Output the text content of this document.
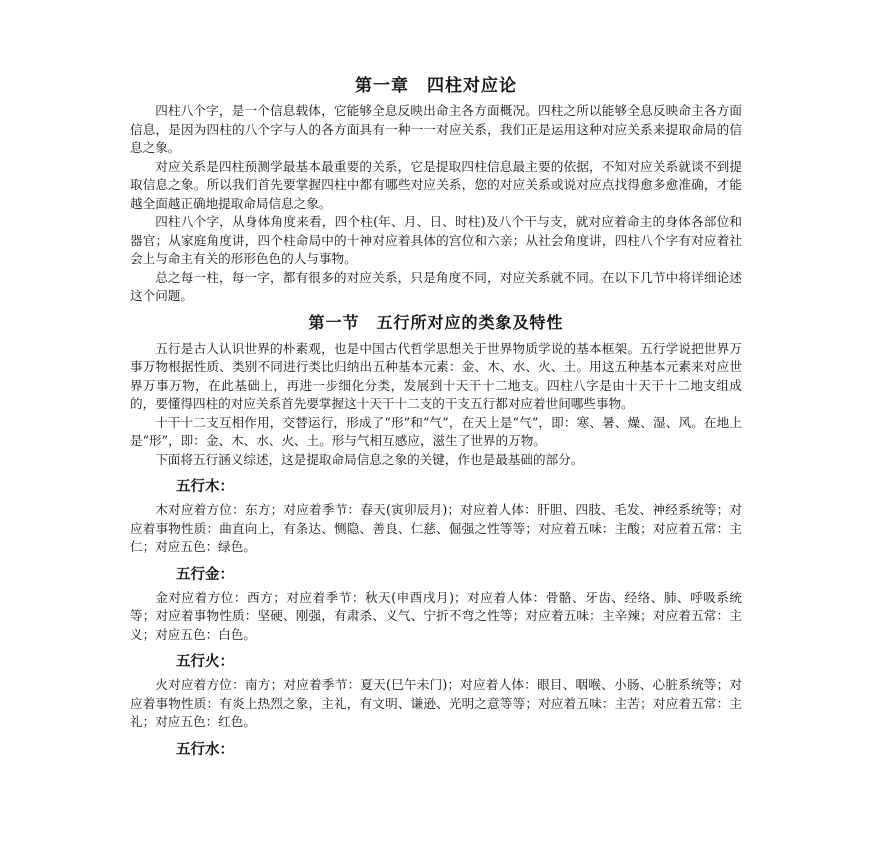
第一章　四柱对应论

四柱八个字，是一个信息载体，它能够全息反映出命主各方面概况。四柱之所以能够全息反映命主各方面信息，是因为四柱的八个字与人的各方面具有一种一一对应关系，我们正是运用这种对应关系来提取命局的信息之象。

对应关系是四柱预测学最基本最重要的关系，它是提取四柱信息最主要的依据，不知对应关系就谈不到提取信息之象。所以我们首先要掌握四柱中都有哪些对应关系，您的对应关系或说对应点找得愈多愈准确，才能越全面越正确地提取命局信息之象。

四柱八个字，从身体角度来看，四个柱(年、月、日、时柱)及八个干与支，就对应着命主的身体各部位和器官；从家庭角度讲，四个柱命局中的十神对应着具体的宫位和六亲；从社会角度讲，四柱八个字有对应着社会上与命主有关的形形色色的人与事物。

总之每一柱，每一字，都有很多的对应关系，只是角度不同，对应关系就不同。在以下几节中将详细论述这个问题。

第一节　五行所对应的类象及特性

五行是古人认识世界的朴素观，也是中国古代哲学思想关于世界物质学说的基本框架。五行学说把世界万事万物根据性质、类别不同进行类比归纳出五种基本元素：金、木、水、火、土。用这五种基本元素来对应世界万事万物，在此基础上，再进一步细化分类，发展到十天干十二地支。四柱八字是由十天干十二地支组成的，要懂得四柱的对应关系首先要掌握这十天干十二支的干支五行都对应着世间哪些事物。

十干十二支互相作用，交替运行，形成了“形”和“气”，在天上是“气”，即：寒、暑、燥、湿、风。在地上是“形”，即：金、木、水、火、土。形与气相互感应，滋生了世界的万物。

下面将五行涵义综述，这是提取命局信息之象的关键，作也是最基础的部分。

五行木：

木对应着方位：东方；对应着季节：春天(寅卯辰月)；对应着人体：肝胆、四肢、毛发、神经系统等；对应着事物性质：曲直向上，有条达、恻隐、善良、仁慈、倔强之性等等；对应着五味：主酸；对应着五常：主仁；对应五色：绿色。

五行金：

金对应着方位：西方；对应着季节：秋天(申酉戌月)；对应着人体：骨骼、牙齿、经络、肺、呼吸系统等；对应着事物性质：坚硬、刚强，有肃杀、义气、宁折不弯之性等；对应着五味：主辛辣；对应着五常：主义；对应五色：白色。

五行火：

火对应着方位：南方；对应着季节：夏天(巳午未门)；对应着人体：眼目、咽喉、小肠、心脏系统等；对应着事物性质：有炎上热烈之象，主礼，有文明、谦逊、光明之意等等；对应着五味：主苦；对应着五常：主礼；对应五色：红色。

五行水：
